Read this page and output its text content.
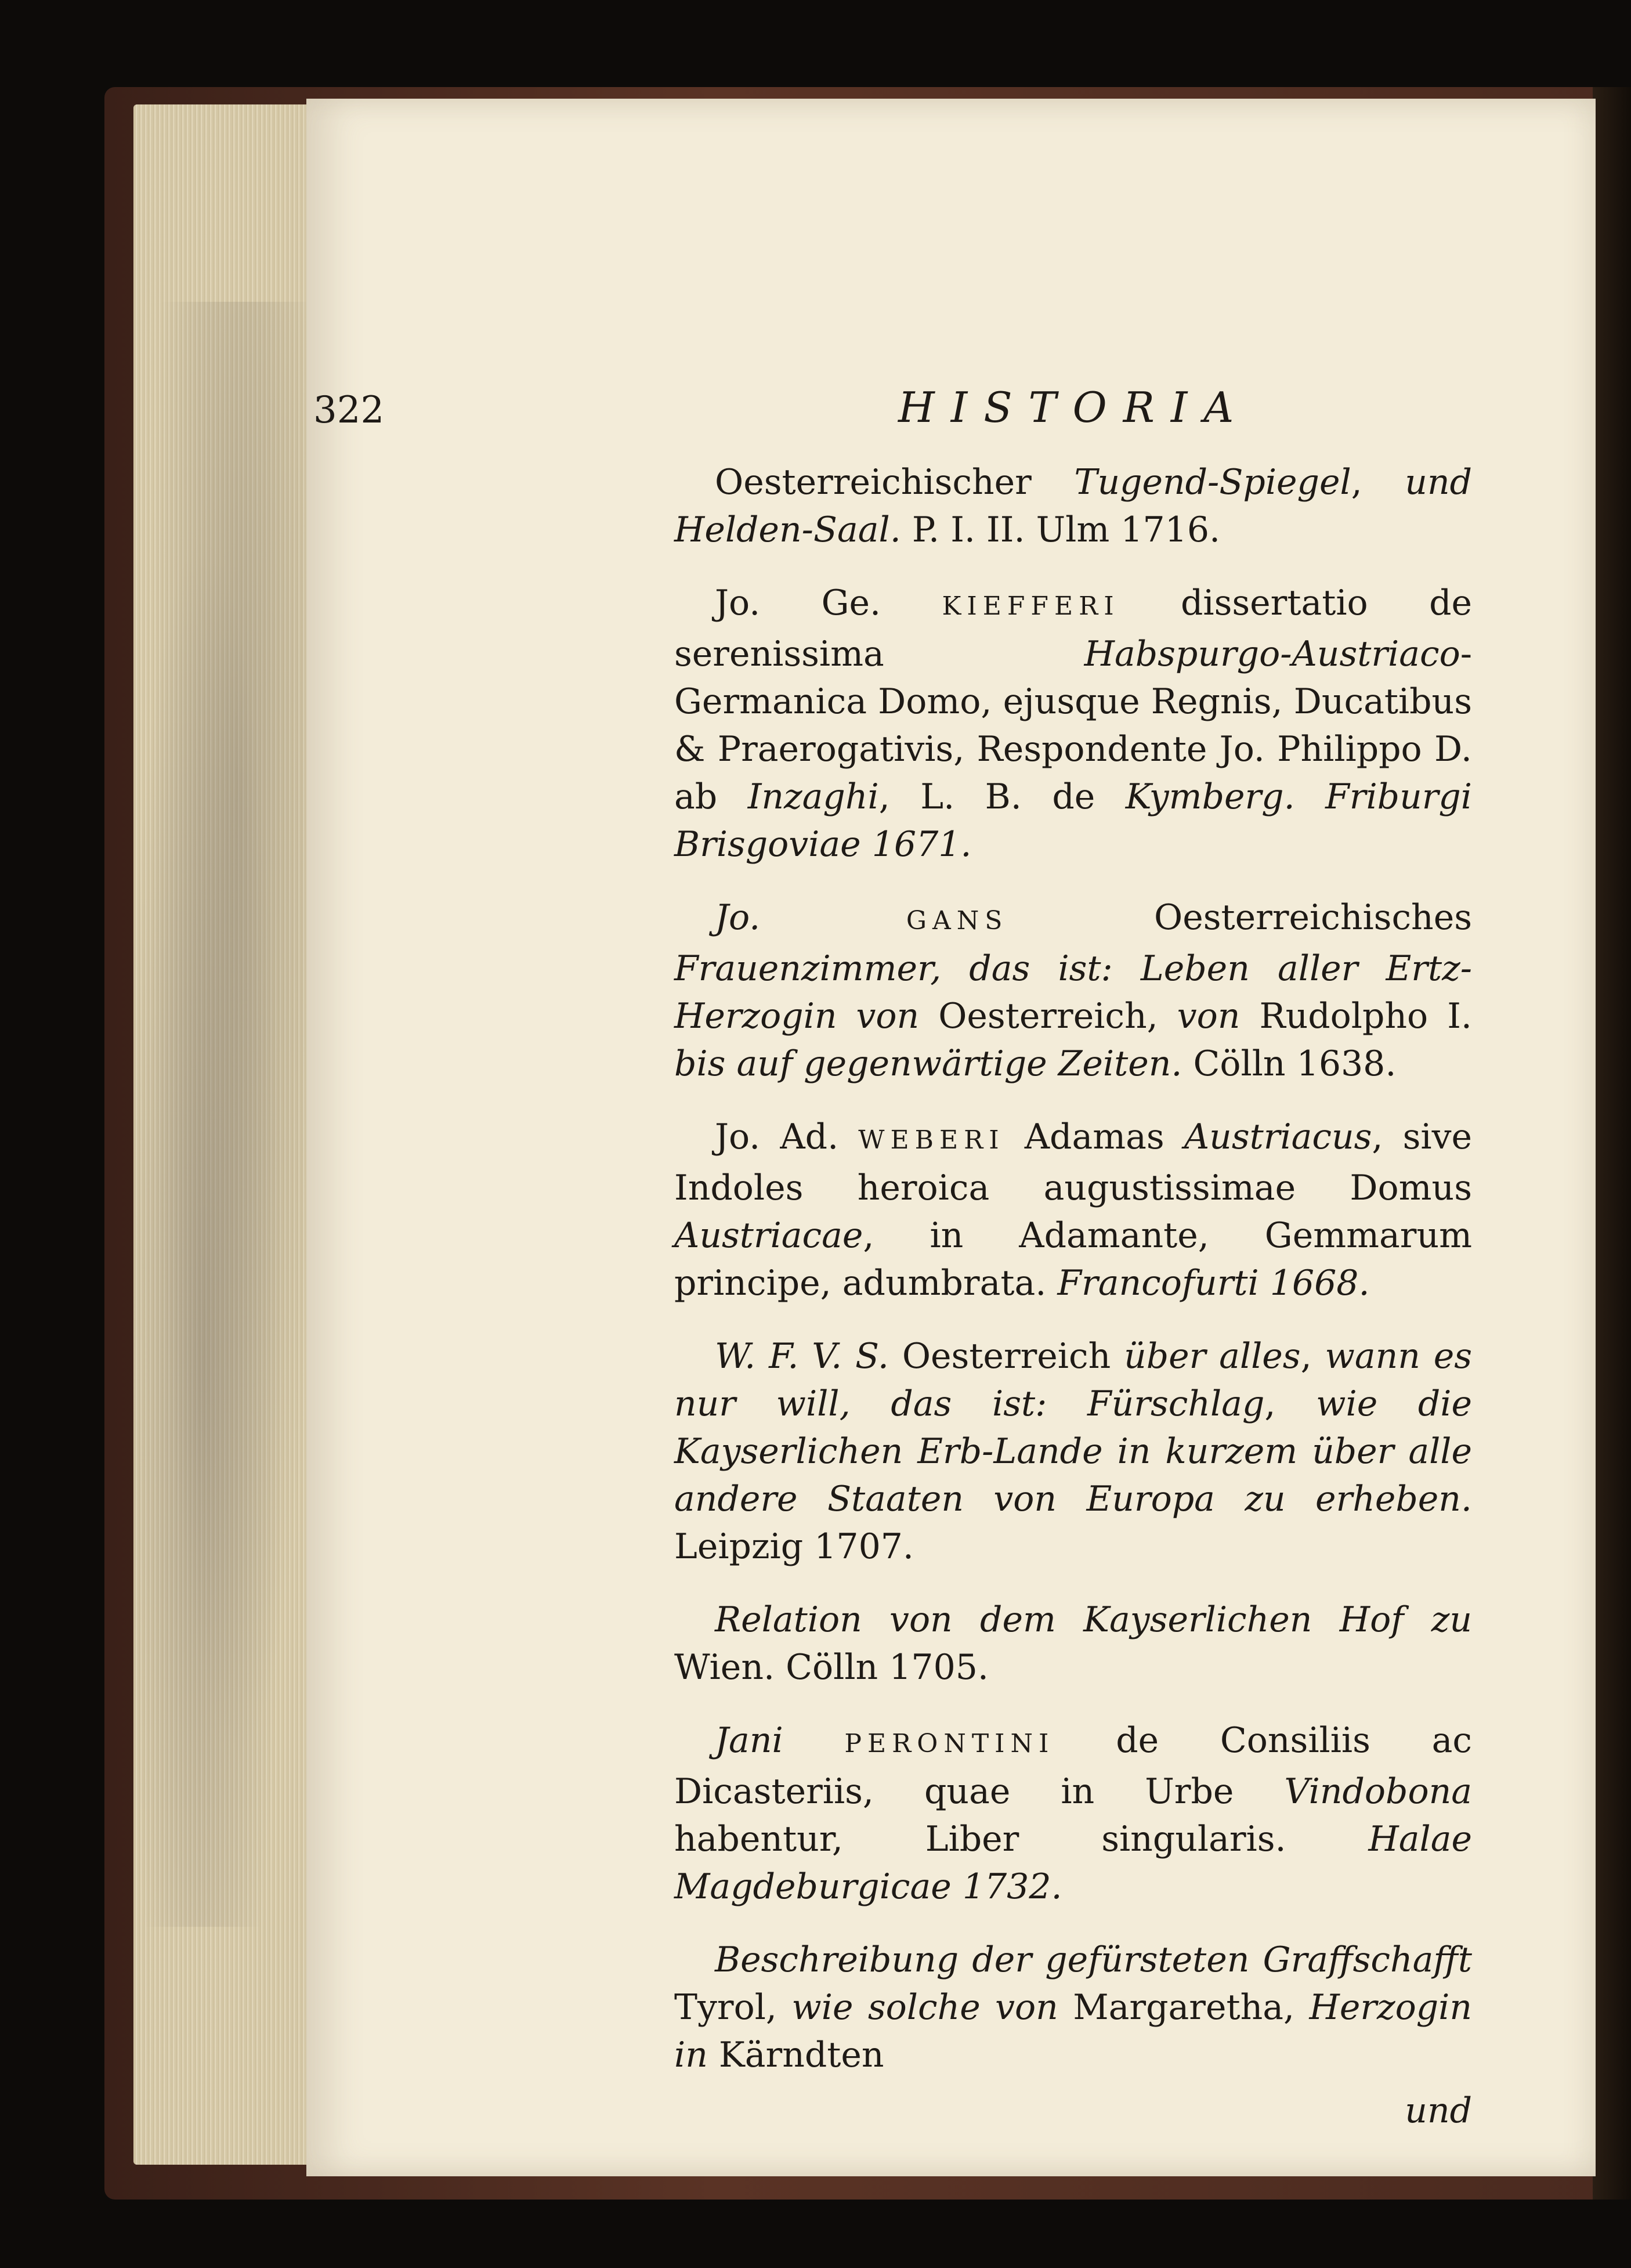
322	HISTORIA

Oesterreichischer Tugend-Spiegel, und Helden-Saal. P. I. II. Ulm 1716.

Jo. Ge. KIEFFERI dissertatio de serenissima Habspurgo-Austriaco-Germanica Domo, ejusque Regnis, Ducatibus & Praerogativis, Respondente Jo. Philippo D. ab Inzaghi, L. B. de Kymberg. Friburgi Brisgoviae 1671.

Jo.	GANS Oesterreichisches Frauenzimmer, das ist: Leben aller Ertz-Herzogin von Oesterreich, von Rudolpho I. bis auf gegenwärtige Zeiten. Cölln 1638.

Jo. Ad. WEBERI Adamas Austriacus, sive Indoles heroica augustissimae Domus Austriacae, in Adamante, Gemmarum principe, adumbrata. Francofurti 1668.

W. F. V. S. Oesterreich über alles, wann es nur will, das ist: Fürschlag, wie die Kayserlichen Erb-Lande in kurzem über alle andere Staaten von Europa zu erheben. Leipzig 1707.

Relation von dem Kayserlichen Hof zu Wien. Cölln 1705.

Jani PERONTINI de Consiliis ac Dicasteriis, quae in Urbe Vindobona habentur, Liber singularis. Halae Magdeburgicae 1732.

Beschreibung der gefürsteten Graffschafft Tyrol, wie solche von Margaretha, Herzogin in Kärndten

und
